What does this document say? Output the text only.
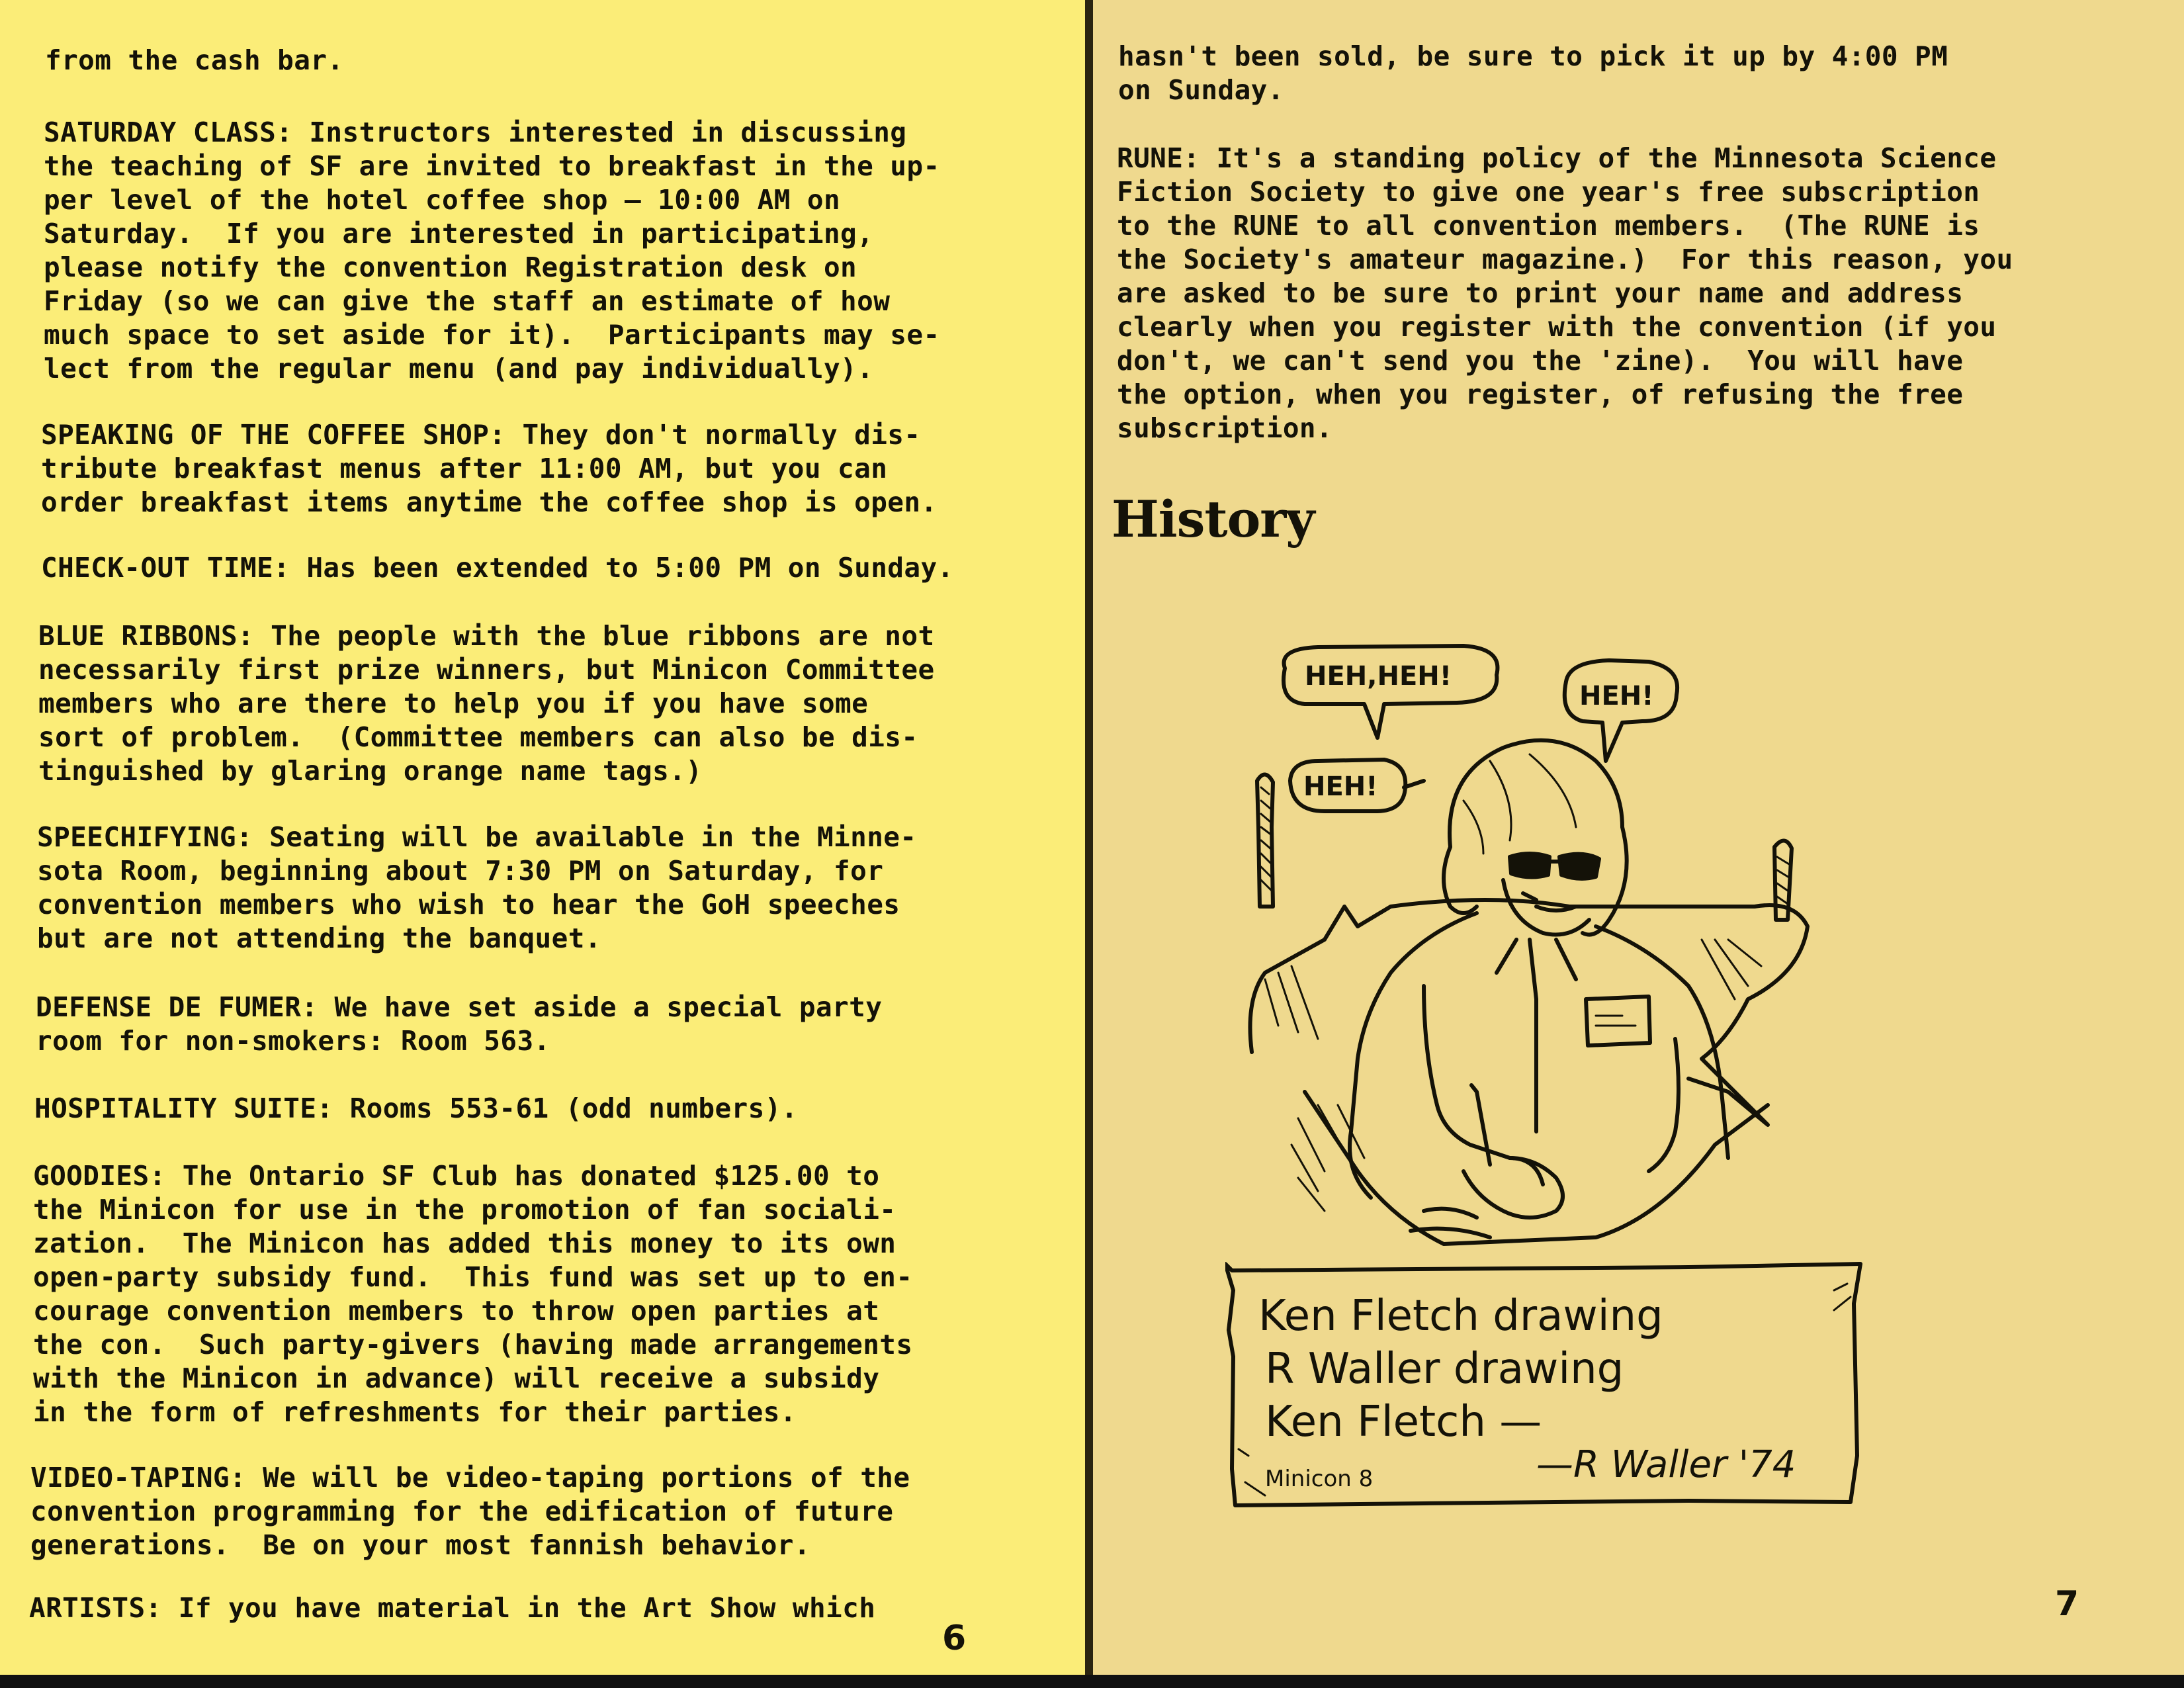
from the cash bar.
SATURDAY CLASS: Instructors interested in discussing
the teaching of SF are invited to breakfast in the up-
per level of the hotel coffee shop — 10:00 AM on
Saturday.  If you are interested in participating,
please notify the convention Registration desk on
Friday (so we can give the staff an estimate of how
much space to set aside for it).  Participants may se-
lect from the regular menu (and pay individually).
SPEAKING OF THE COFFEE SHOP: They don't normally dis-
tribute breakfast menus after 11:00 AM, but you can
order breakfast items anytime the coffee shop is open.
CHECK-OUT TIME: Has been extended to 5:00 PM on Sunday.
BLUE RIBBONS: The people with the blue ribbons are not
necessarily first prize winners, but Minicon Committee
members who are there to help you if you have some
sort of problem.  (Committee members can also be dis-
tinguished by glaring orange name tags.)
SPEECHIFYING: Seating will be available in the Minne-
sota Room, beginning about 7:30 PM on Saturday, for
convention members who wish to hear the GoH speeches
but are not attending the banquet.
DEFENSE DE FUMER: We have set aside a special party
room for non-smokers: Room 563.
HOSPITALITY SUITE: Rooms 553-61 (odd numbers).
GOODIES: The Ontario SF Club has donated $125.00 to
the Minicon for use in the promotion of fan sociali-
zation.  The Minicon has added this money to its own
open-party subsidy fund.  This fund was set up to en-
courage convention members to throw open parties at
the con.  Such party-givers (having made arrangements
with the Minicon in advance) will receive a subsidy
in the form of refreshments for their parties.
VIDEO-TAPING: We will be video-taping portions of the
convention programming for the edification of future
generations.  Be on your most fannish behavior.
ARTISTS: If you have material in the Art Show which
6
hasn't been sold, be sure to pick it up by 4:00 PM
on Sunday.
RUNE: It's a standing policy of the Minnesota Science
Fiction Society to give one year's free subscription
to the RUNE to all convention members.  (The RUNE is
the Society's amateur magazine.)  For this reason, you
are asked to be sure to print your name and address
clearly when you register with the convention (if you
don't, we can't send you the 'zine).  You will have
the option, when you register, of refusing the free
subscription.
History
HEH,HEH!
HEH!
HEH!
Ken Fletch drawing
R Waller drawing
Ken Fletch —
Minicon 8	—R Waller '74
7
